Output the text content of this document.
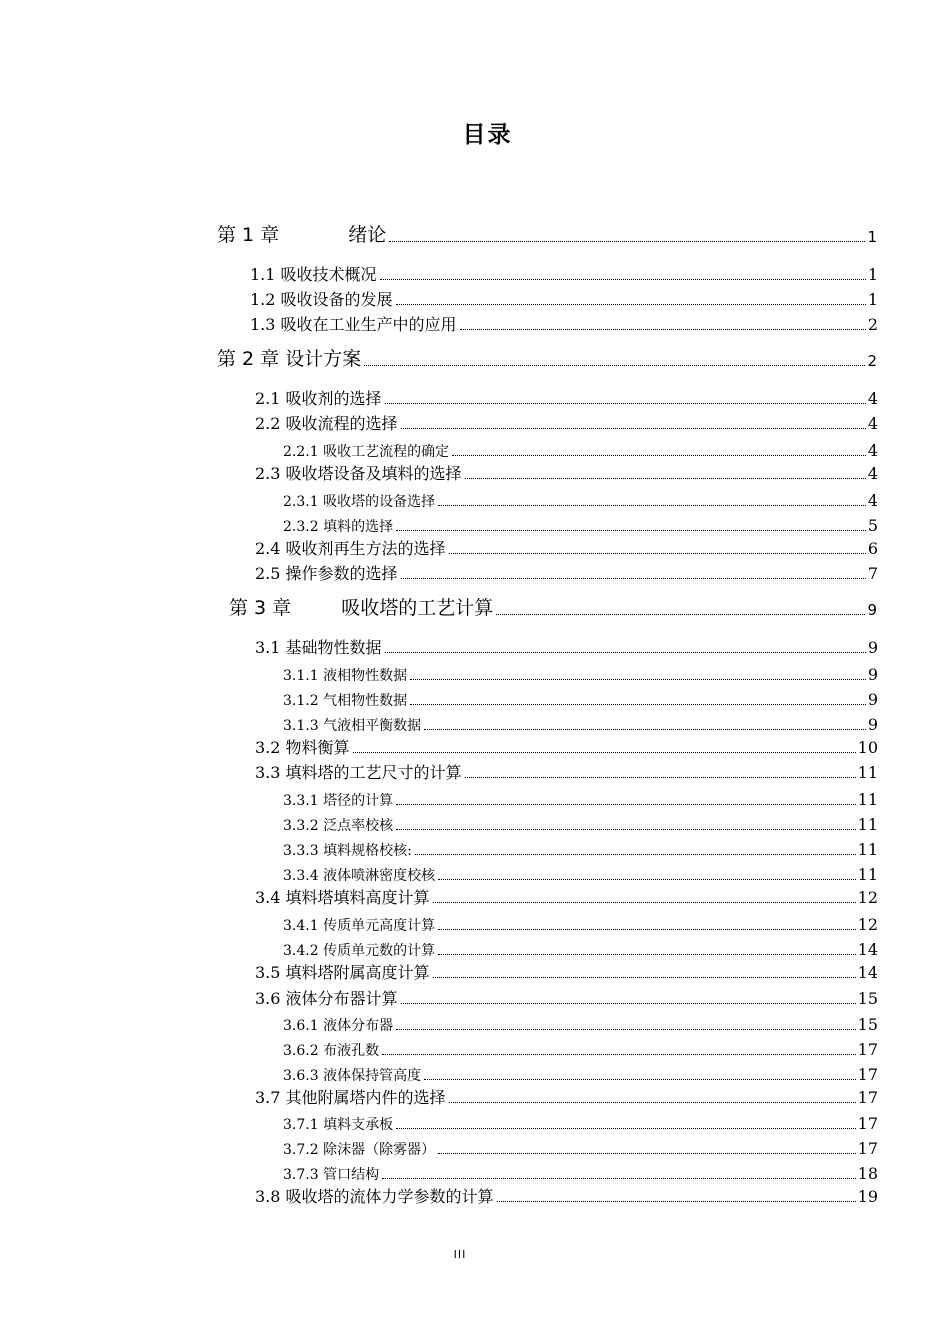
目录
第 1 章 　　　 绪论	1
1.1 吸收技术概况	1
1.2 吸收设备的发展	1
1.3 吸收在工业生产中的应用	2
第 2 章 设计方案	2
2.1 吸收剂的选择	4
2.2 吸收流程的选择	4
2.2.1 吸收工艺流程的确定	4
2.3 吸收塔设备及填料的选择	4
2.3.1 吸收塔的设备选择	4
2.3.2 填料的选择	5
2.4 吸收剂再生方法的选择	6
2.5 操作参数的选择	7
第 3 章 　　 吸收塔的工艺计算	9
3.1 基础物性数据	9
3.1.1 液相物性数据	9
3.1.2 气相物性数据	9
3.1.3 气液相平衡数据	9
3.2 物料衡算	10
3.3 填料塔的工艺尺寸的计算	11
3.3.1 塔径的计算	11
3.3.2 泛点率校核	11
3.3.3 填料规格校核:	11
3.3.4 液体喷淋密度校核	11
3.4 填料塔填料高度计算	12
3.4.1 传质单元高度计算	12
3.4.2 传质单元数的计算	14
3.5 填料塔附属高度计算	14
3.6 液体分布器计算	15
3.6.1 液体分布器	15
3.6.2 布液孔数	17
3.6.3 液体保持管高度	17
3.7 其他附属塔内件的选择	17
3.7.1 填料支承板	17
3.7.2 除沫器（除雾器）	17
3.7.3 管口结构	18
3.8 吸收塔的流体力学参数的计算	19
III
